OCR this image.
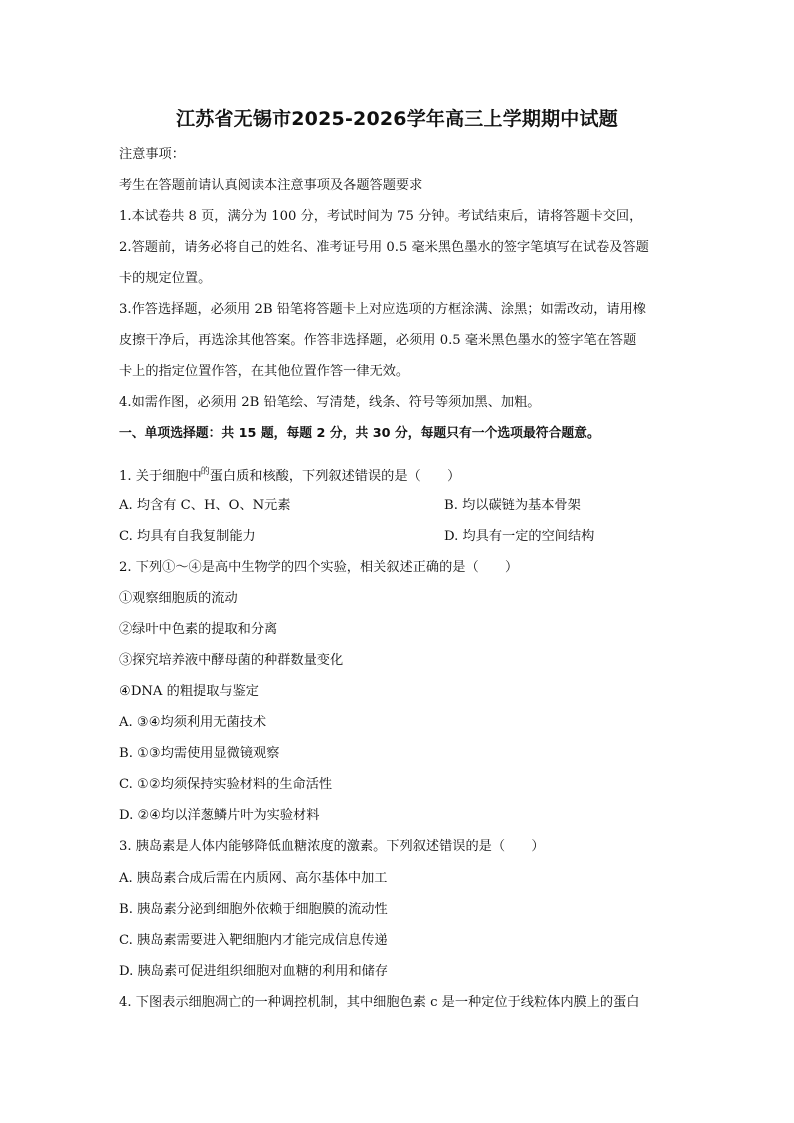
江苏省无锡市2025-2026学年高三上学期期中试题
注意事项：
考生在答题前请认真阅读本注意事项及各题答题要求
1.本试卷共 8 页，满分为 100 分，考试时间为 75 分钟。考试结束后，请将答题卡交回，
2.答题前，请务必将自己的姓名、准考证号用 0.5 毫米黑色墨水的签字笔填写在试卷及答题
卡的规定位置。
3.作答选择题，必须用 2B 铅笔将答题卡上对应选项的方框涂满、涂黑；如需改动，请用橡
皮擦干净后，再选涂其他答案。作答非选择题，必须用 0.5 毫米黑色墨水的签字笔在答题
卡上的指定位置作答，在其他位置作答一律无效。
4.如需作图，必须用 2B 铅笔绘、写清楚，线条、符号等须加黑、加粗。
一、单项选择题：共 15 题，每题 2 分，共 30 分，每题只有一个选项最符合题意。
1. 关于细胞中$^的$蛋白质和核酸，下列叙述错误的是（　　）
A. 均含有 C、H、O、N元素	B. 均以碳链为基本骨架
C. 均具有自我复制能力	D. 均具有一定的空间结构
2. 下列①～④是高中生物学的四个实验，相关叙述正确的是（　　）
①观察细胞质的流动
②绿叶中色素的提取和分离
③探究培养液中酵母菌的种群数量变化
④DNA 的粗提取与鉴定
A. ③④均须利用无菌技术
B. ①③均需使用显微镜观察
C. ①②均须保持实验材料的生命活性
D. ②④均以洋葱鳞片叶为实验材料
3. 胰岛素是人体内能够降低血糖浓度的激素。下列叙述错误的是（　　）
A. 胰岛素合成后需在内质网、高尔基体中加工
B. 胰岛素分泌到细胞外依赖于细胞膜的流动性
C. 胰岛素需要进入靶细胞内才能完成信息传递
D. 胰岛素可促进组织细胞对血糖的利用和储存
4. 下图表示细胞凋亡的一种调控机制，其中细胞色素 c 是一种定位于线粒体内膜上的蛋白
